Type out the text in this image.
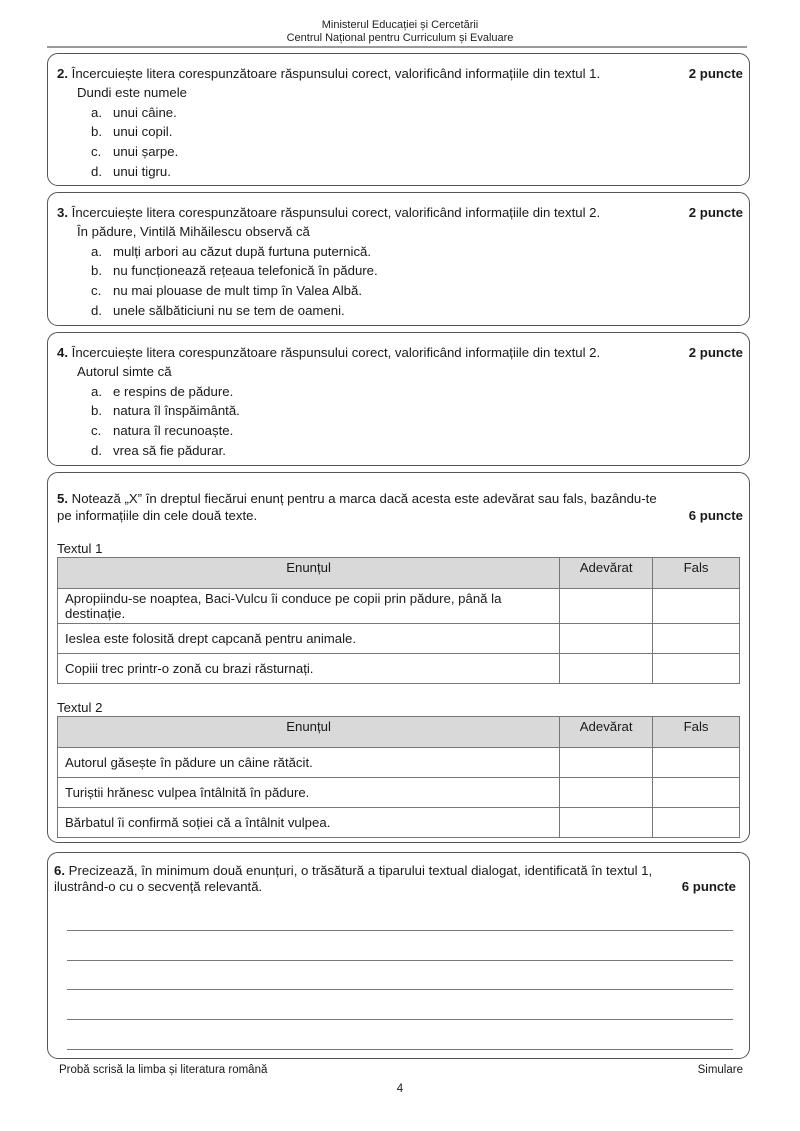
Ministerul Educației și Cercetării
Centrul Național pentru Curriculum și Evaluare
2. Încercuiește litera corespunzătoare răspunsului corect, valorificând informațiile din textul 1.	2 puncte
Dundi este numele
a. unui câine.
b. unui copil.
c. unui șarpe.
d. unui tigru.
3. Încercuiește litera corespunzătoare răspunsului corect, valorificând informațiile din textul 2.	2 puncte
În pădure, Vintilă Mihăilescu observă că
a. mulți arbori au căzut după furtuna puternică.
b. nu funcționează rețeaua telefonică în pădure.
c. nu mai plouase de mult timp în Valea Albă.
d. unele sălbăticiuni nu se tem de oameni.
4. Încercuiește litera corespunzătoare răspunsului corect, valorificând informațiile din textul 2.	2 puncte
Autorul simte că
a. e respins de pădure.
b. natura îl înspăimântă.
c. natura îl recunoaște.
d. vrea să fie pădurar.
5. Notează „X” în dreptul fiecărui enunț pentru a marca dacă acesta este adevărat sau fals, bazându-te
pe informațiile din cele două texte.	6 puncte
Textul 1
Enunțul	Adevărat	Fals
Apropiindu-se noaptea, Baci-Vulcu îi conduce pe copii prin pădure, până la destinație.		
Ieslea este folosită drept capcană pentru animale.		
Copiii trec printr-o zonă cu brazi răsturnați.		
Textul 2
Enunțul	Adevărat	Fals
Autorul găsește în pădure un câine rătăcit.		
Turiștii hrănesc vulpea întâlnită în pădure.		
Bărbatul îi confirmă soției că a întâlnit vulpea.		
6. Precizează, în minimum două enunțuri, o trăsătură a tiparului textual dialogat, identificată în textul 1,
ilustrând-o cu o secvență relevantă.	6 puncte
Probă scrisă la limba și literatura română	Simulare
4
